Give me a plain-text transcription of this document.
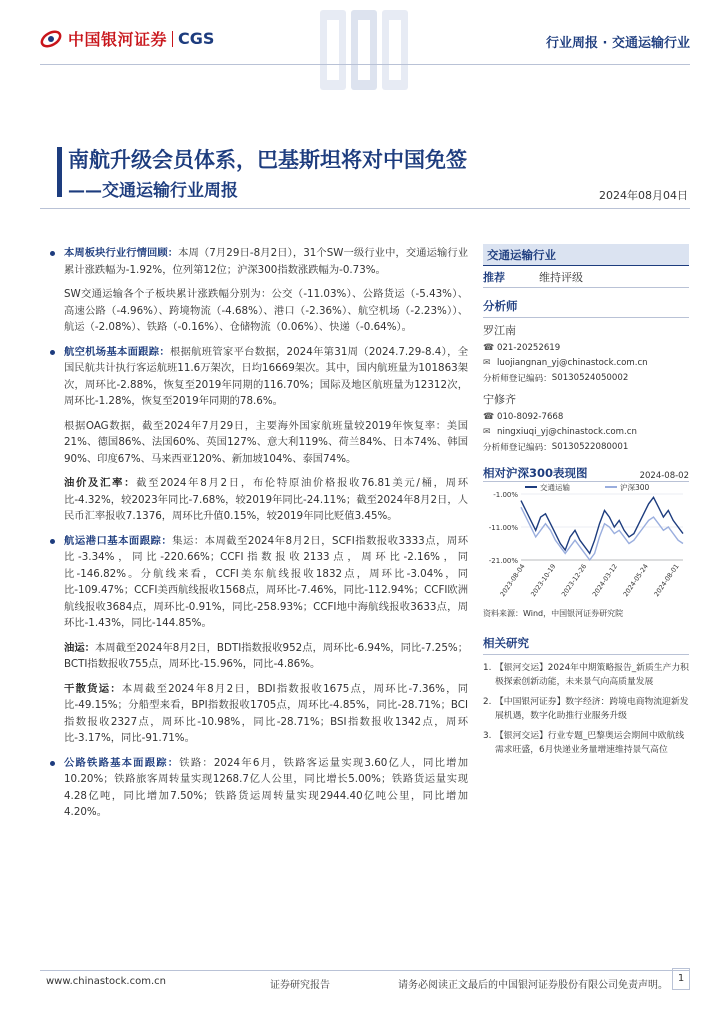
中国银河证券 CGS	行业周报 · 交通运输行业
南航升级会员体系，巴基斯坦将对中国免签
——交通运输行业周报	2024年08月04日
本周板块行业行情回顾：本周（7月29日-8月2日），31个SW一级行业中，交通运输行业累计涨跌幅为-1.92%，位列第12位；沪深300指数涨跌幅为-0.73%。
SW交通运输各个子板块累计涨跌幅分别为：公交（-11.03%）、公路货运（-5.43%）、高速公路（-4.96%）、跨境物流（-4.68%）、港口（-2.36%）、航空机场（-2.23%））、航运（-2.08%）、铁路（-0.16%）、仓储物流（0.06%）、快递（-0.64%）。
航空机场基本面跟踪：根据航班管家平台数据，2024年第31周（2024.7.29-8.4），全国民航共计执行客运航班11.6万架次，日均16669架次。其中，国内航班量为101863架次，周环比-2.88%，恢复至2019年同期的116.70%；国际及地区航班量为12312次，周环比-1.28%，恢复至2019年同期的78.6%。
根据OAG数据，截至2024年7月29日，主要海外国家航班量较2019年恢复率：美国21%、德国86%、法国60%、英国127%、意大利119%、荷兰84%、日本74%、韩国90%、印度67%、马来西亚120%、新加坡104%、泰国74%。
油价及汇率：截至2024年8月2日，布伦特原油价格报收76.81美元/桶，周环比-4.32%，较2023年同比-7.68%，较2019年同比-24.11%；截至2024年8月2日，人民币汇率报收7.1376，周环比升值0.15%，较2019年同比贬值3.45%。
航运港口基本面跟踪：集运：本周截至2024年8月2日，SCFI指数报收3333点，周环比-3.34%，同比-220.66%；CCFI指数报收2133点，周环比-2.16%，同比-146.82%。分航线来看，CCFI美东航线报收1832点，周环比-3.04%，同比-109.47%；CCFI美西航线报收1568点，周环比-7.46%，同比-112.94%；CCFI欧洲航线报收3684点，周环比-0.91%，同比-258.93%；CCFI地中海航线报收3633点，周环比-1.43%，同比-144.85%。
油运：本周截至2024年8月2日，BDTI指数报收952点，周环比-6.94%，同比-7.25%；BCTI指数报收755点，周环比-15.96%，同比-4.86%。
干散货运：本周截至2024年8月2日，BDI指数报收1675点，周环比-7.36%，同比-49.15%；分船型来看，BPI指数报收1705点，周环比-4.85%，同比-28.71%；BCI指数报收2327点，周环比-10.98%，同比-28.71%；BSI指数报收1342点，周环比-3.17%，同比-91.71%。
公路铁路基本面跟踪：铁路：2024年6月，铁路客运量实现3.60亿人，同比增加10.20%；铁路旅客周转量实现1268.7亿人公里，同比增长5.00%；铁路货运量实现4.28亿吨，同比增加7.50%；铁路货运周转量实现2944.40亿吨公里，同比增加4.20%。
交通运输行业
推荐	维持评级
分析师
罗江南
☎ 021-20252619
✉ luojiangnan_yj@chinastock.com.cn
分析师登记编码： S0130524050002
宁修齐
☎ 010-8092-7668
✉ ningxiuqi_yj@chinastock.com.cn
分析师登记编码： S0130522080001
相对沪深300表现图	2024-08-02
-1.00%
-11.00%
-21.00%
交通运输	沪深300
2023-08-04 2023-10-19 2023-12-26 2024-03-12 2024-05-24 2024-08-01
资料来源：Wind，中国银河证券研究院
相关研究
1. 【银河交运】2024年中期策略报告_新质生产力积极探索创新动能，未来景气向高质量发展
2. 【中国银河证券】数字经济：跨境电商物流迎新发展机遇，数字化助推行业服务升级
3. 【银河交运】行业专题_巴黎奥运会期间中欧航线需求旺盛，6月快递业务量增速维持景气高位
www.chinastock.com.cn	证券研究报告	请务必阅读正文最后的中国银河证券股份有限公司免责声明。
1
